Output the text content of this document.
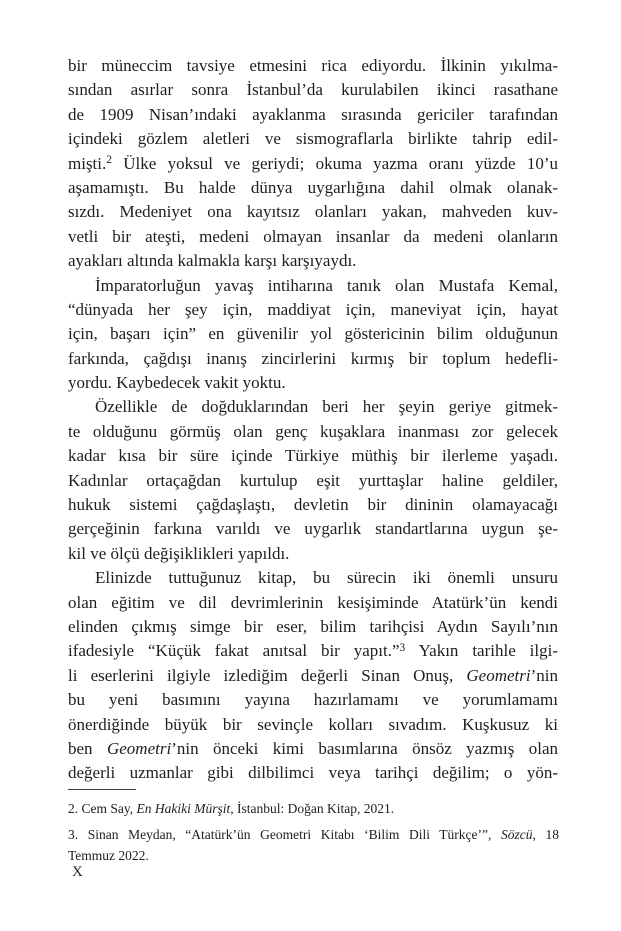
bir müneccim tavsiye etmesini rica ediyordu. İlkinin yıkılma-
sından asırlar sonra İstanbul’da kurulabilen ikinci rasathane
de 1909 Nisan’ındaki ayaklanma sırasında gericiler tarafından
içindeki gözlem aletleri ve sismograflarla birlikte tahrip edil-
mişti.$^2$ Ülke yoksul ve geriydi; okuma yazma oranı yüzde 10’u
aşamamıştı. Bu halde dünya uygarlığına dahil olmak olanak-
sızdı. Medeniyet ona kayıtsız olanları yakan, mahveden kuv-
vetli bir ateşti, medeni olmayan insanlar da medeni olanların
ayakları altında kalmakla karşı karşıyaydı.
İmparatorluğun yavaş intiharına tanık olan Mustafa Kemal,
“dünyada her şey için, maddiyat için, maneviyat için, hayat
için, başarı için” en güvenilir yol göstericinin bilim olduğunun
farkında, çağdışı inanış zincirlerini kırmış bir toplum hedefli-
yordu. Kaybedecek vakit yoktu.
Özellikle de doğduklarından beri her şeyin geriye gitmek-
te olduğunu görmüş olan genç kuşaklara inanması zor gelecek
kadar kısa bir süre içinde Türkiye müthiş bir ilerleme yaşadı.
Kadınlar ortaçağdan kurtulup eşit yurttaşlar haline geldiler,
hukuk sistemi çağdaşlaştı, devletin bir dininin olamayacağı
gerçeğinin farkına varıldı ve uygarlık standartlarına uygun şe-
kil ve ölçü değişiklikleri yapıldı.
Elinizde tuttuğunuz kitap, bu sürecin iki önemli unsuru
olan eğitim ve dil devrimlerinin kesişiminde Atatürk’ün kendi
elinden çıkmış simge bir eser, bilim tarihçisi Aydın Sayılı’nın
ifadesiyle “Küçük fakat anıtsal bir yapıt.”$^3$ Yakın tarihle ilgi-
li eserlerini ilgiyle izlediğim değerli Sinan Onuş, Geometri’nin
bu yeni basımını yayına hazırlamamı ve yorumlamamı
önerdiğinde büyük bir sevinçle kolları sıvadım. Kuşkusuz ki
ben Geometri’nin önceki kimi basımlarına önsöz yazmış olan
değerli uzmanlar gibi dilbilimci veya tarihçi değilim; o yön-
2. Cem Say, En Hakiki Mürşit, İstanbul: Doğan Kitap, 2021.
3. Sinan Meydan, “Atatürk’ün Geometri Kitabı ‘Bilim Dili Türkçe’”, Sözcü, 18
Temmuz 2022.
X
